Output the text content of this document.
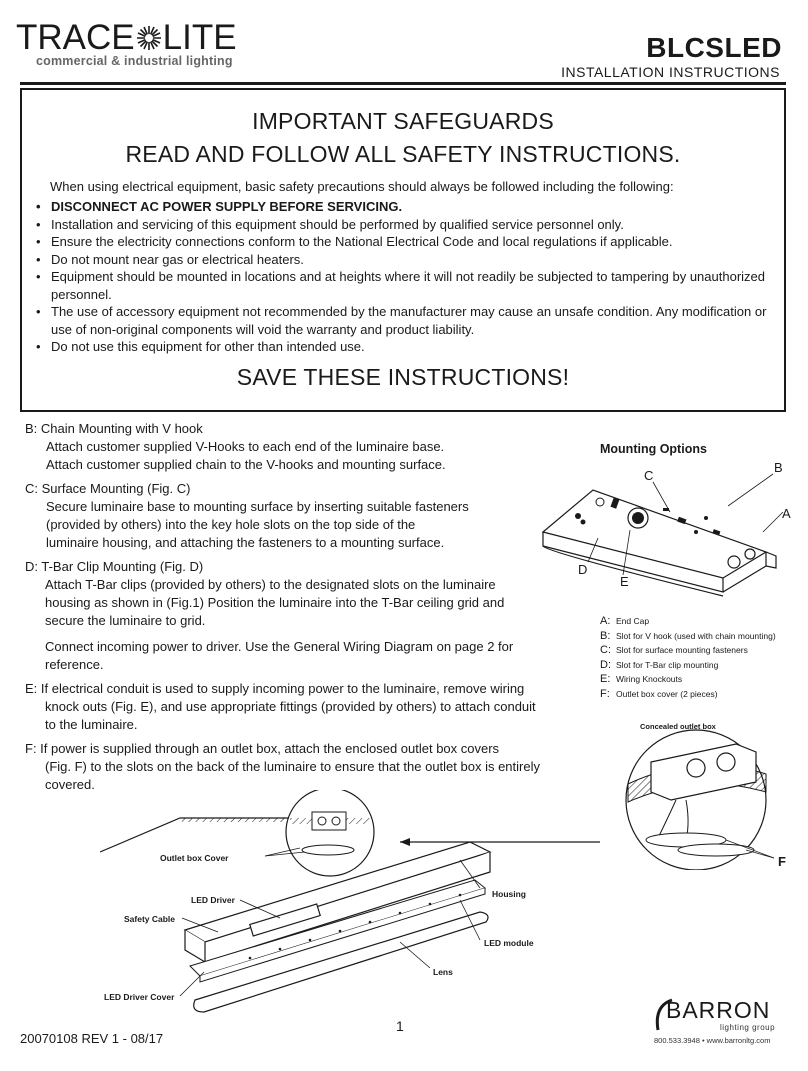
TRACE LITE
commercial & industrial lighting	BLCSLED
INSTALLATION INSTRUCTIONS
IMPORTANT SAFEGUARDS
READ AND FOLLOW ALL SAFETY INSTRUCTIONS.
When using electrical equipment, basic safety precautions should always be followed including the following:
• DISCONNECT AC POWER SUPPLY BEFORE SERVICING.
• Installation and servicing of this equipment should be performed by qualified service personnel only.
• Ensure the electricity connections conform to the National Electrical Code and local regulations if applicable.
• Do not mount near gas or electrical heaters.
• Equipment should be mounted in locations and at heights where it will not readily be subjected to tampering by unauthorized personnel.
• The use of accessory equipment not recommended by the manufacturer may cause an unsafe condition. Any modification or use of non-original components will void the warranty and product liability.
• Do not use this equipment for other than intended use.
SAVE THESE INSTRUCTIONS!
B: Chain Mounting with V hook
Attach customer supplied V-Hooks to each end of the luminaire base.
Attach customer supplied chain to the V-hooks and mounting surface.
C: Surface Mounting (Fig. C)
Secure luminaire base to mounting surface by inserting suitable fasteners
(provided by others) into the key hole slots on the top side of the
luminaire housing, and attaching the fasteners to a mounting surface.
D: T-Bar Clip Mounting (Fig. D)
Attach T-Bar clips (provided by others) to the designated slots on the luminaire
housing as shown in (Fig.1) Position the luminaire into the T-Bar ceiling grid and
secure the luminaire to grid.
Connect incoming power to driver. Use the General Wiring Diagram on page 2 for
reference.
E: If electrical conduit is used to supply incoming power to the luminaire, remove wiring
knock outs (Fig. E), and use appropriate fittings (provided by others) to attach conduit
to the luminaire.
F: If power is supplied through an outlet box, attach the enclosed outlet box covers
(Fig. F) to the slots on the back of the luminaire to ensure that the outlet box is entirely
covered.
Mounting Options
C
B
A
D
E
A: End Cap
B: Slot for V hook (used with chain mounting)
C: Slot for surface mounting fasteners
D: Slot for T-Bar clip mounting
E: Wiring Knockouts
F: Outlet box cover (2 pieces)
Concealed outlet box
F
Outlet box Cover
LED Driver
Housing
Safety Cable
LED module
Lens
LED Driver Cover
1
20070108 REV 1 - 08/17
BARRON
lighting group
800.533.3948 • www.barronltg.com
